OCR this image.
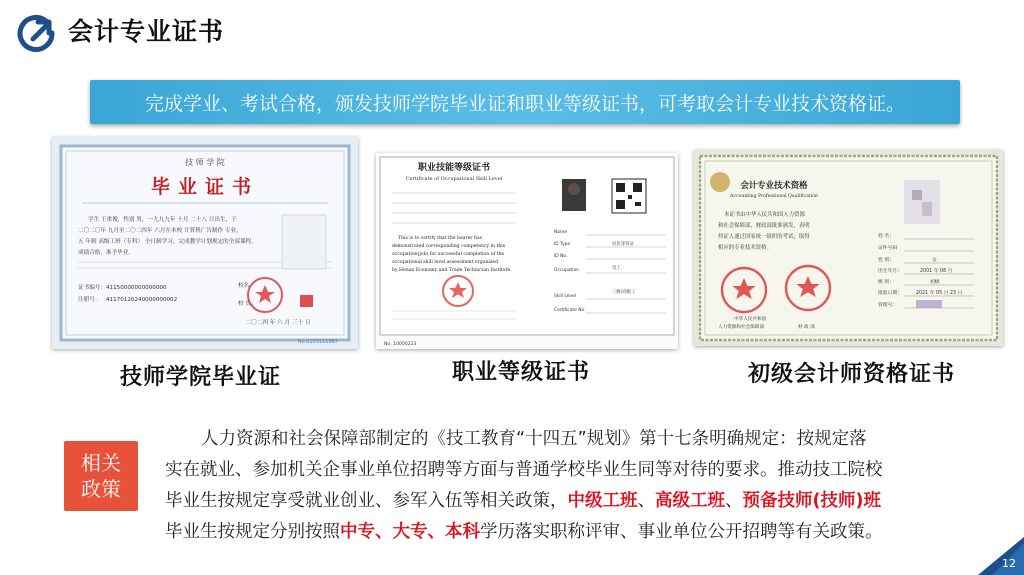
会计专业证书
完成学业、考试合格，颁发技师学院毕业证和职业等级证书，可考取会计专业技术资格证。
技 师 学 院
毕业证书
学生 王重俊，性别 男，一九九九年 十月 二十八 日出生，于
二〇二〇年 九月至二〇二四年 六月在本校 计算机广告制作 专业，
五 年制 高级工班（专科） 全日制学习，完成教学计划规定的全部课程，
成绩合格，准予毕业。
证书编号： 41150000000000000
注册号： 41170120240000000002
校名：
校 长：
二〇二四 年 六 月 三十 日
No.0123111987
技师学院毕业证
职业技能等级证书
Certificate of Occupational Skill Level
This is to certify that the bearer has
demonstrated corresponding competency in this
occupation(job) for successful completion of the
occupational skill level assessment organized
by Henan Economy and Trade Technician Institute.
No. 10000223
Name
ID Type	居民身份证
ID No.
Occupation	电工
Skill Level
三级/高级工
Certificate No.
职业等级证书
会计专业技术资格
Accounting Professional Qualification
本证书由中华人民共和国人力资源
和社会保障部、财政部批准颁发，表明
持证人通过国家统一组织的考试，取得
相应的专业技术资格。
中华人民共和国
人力资源和社会保障部	财 政 部
姓 名：
证件号码
性 别：	女
出生年月：	2001 年 08 月
级 别：	初级
批准日期：	2021 年 05 月 23 日
管理号：
初级会计师资格证书
相关
政策
人力资源和社会保障部制定的《技工教育“十四五”规划》第十七条明确规定：按规定落
实在就业、参加机关企事业单位招聘等方面与普通学校毕业生同等对待的要求。推动技工院校
毕业生按规定享受就业创业、参军入伍等相关政策，中级工班、高级工班、预备技师(技师)班
毕业生按规定分别按照中专、大专、本科学历落实职称评审、事业单位公开招聘等有关政策。
12
